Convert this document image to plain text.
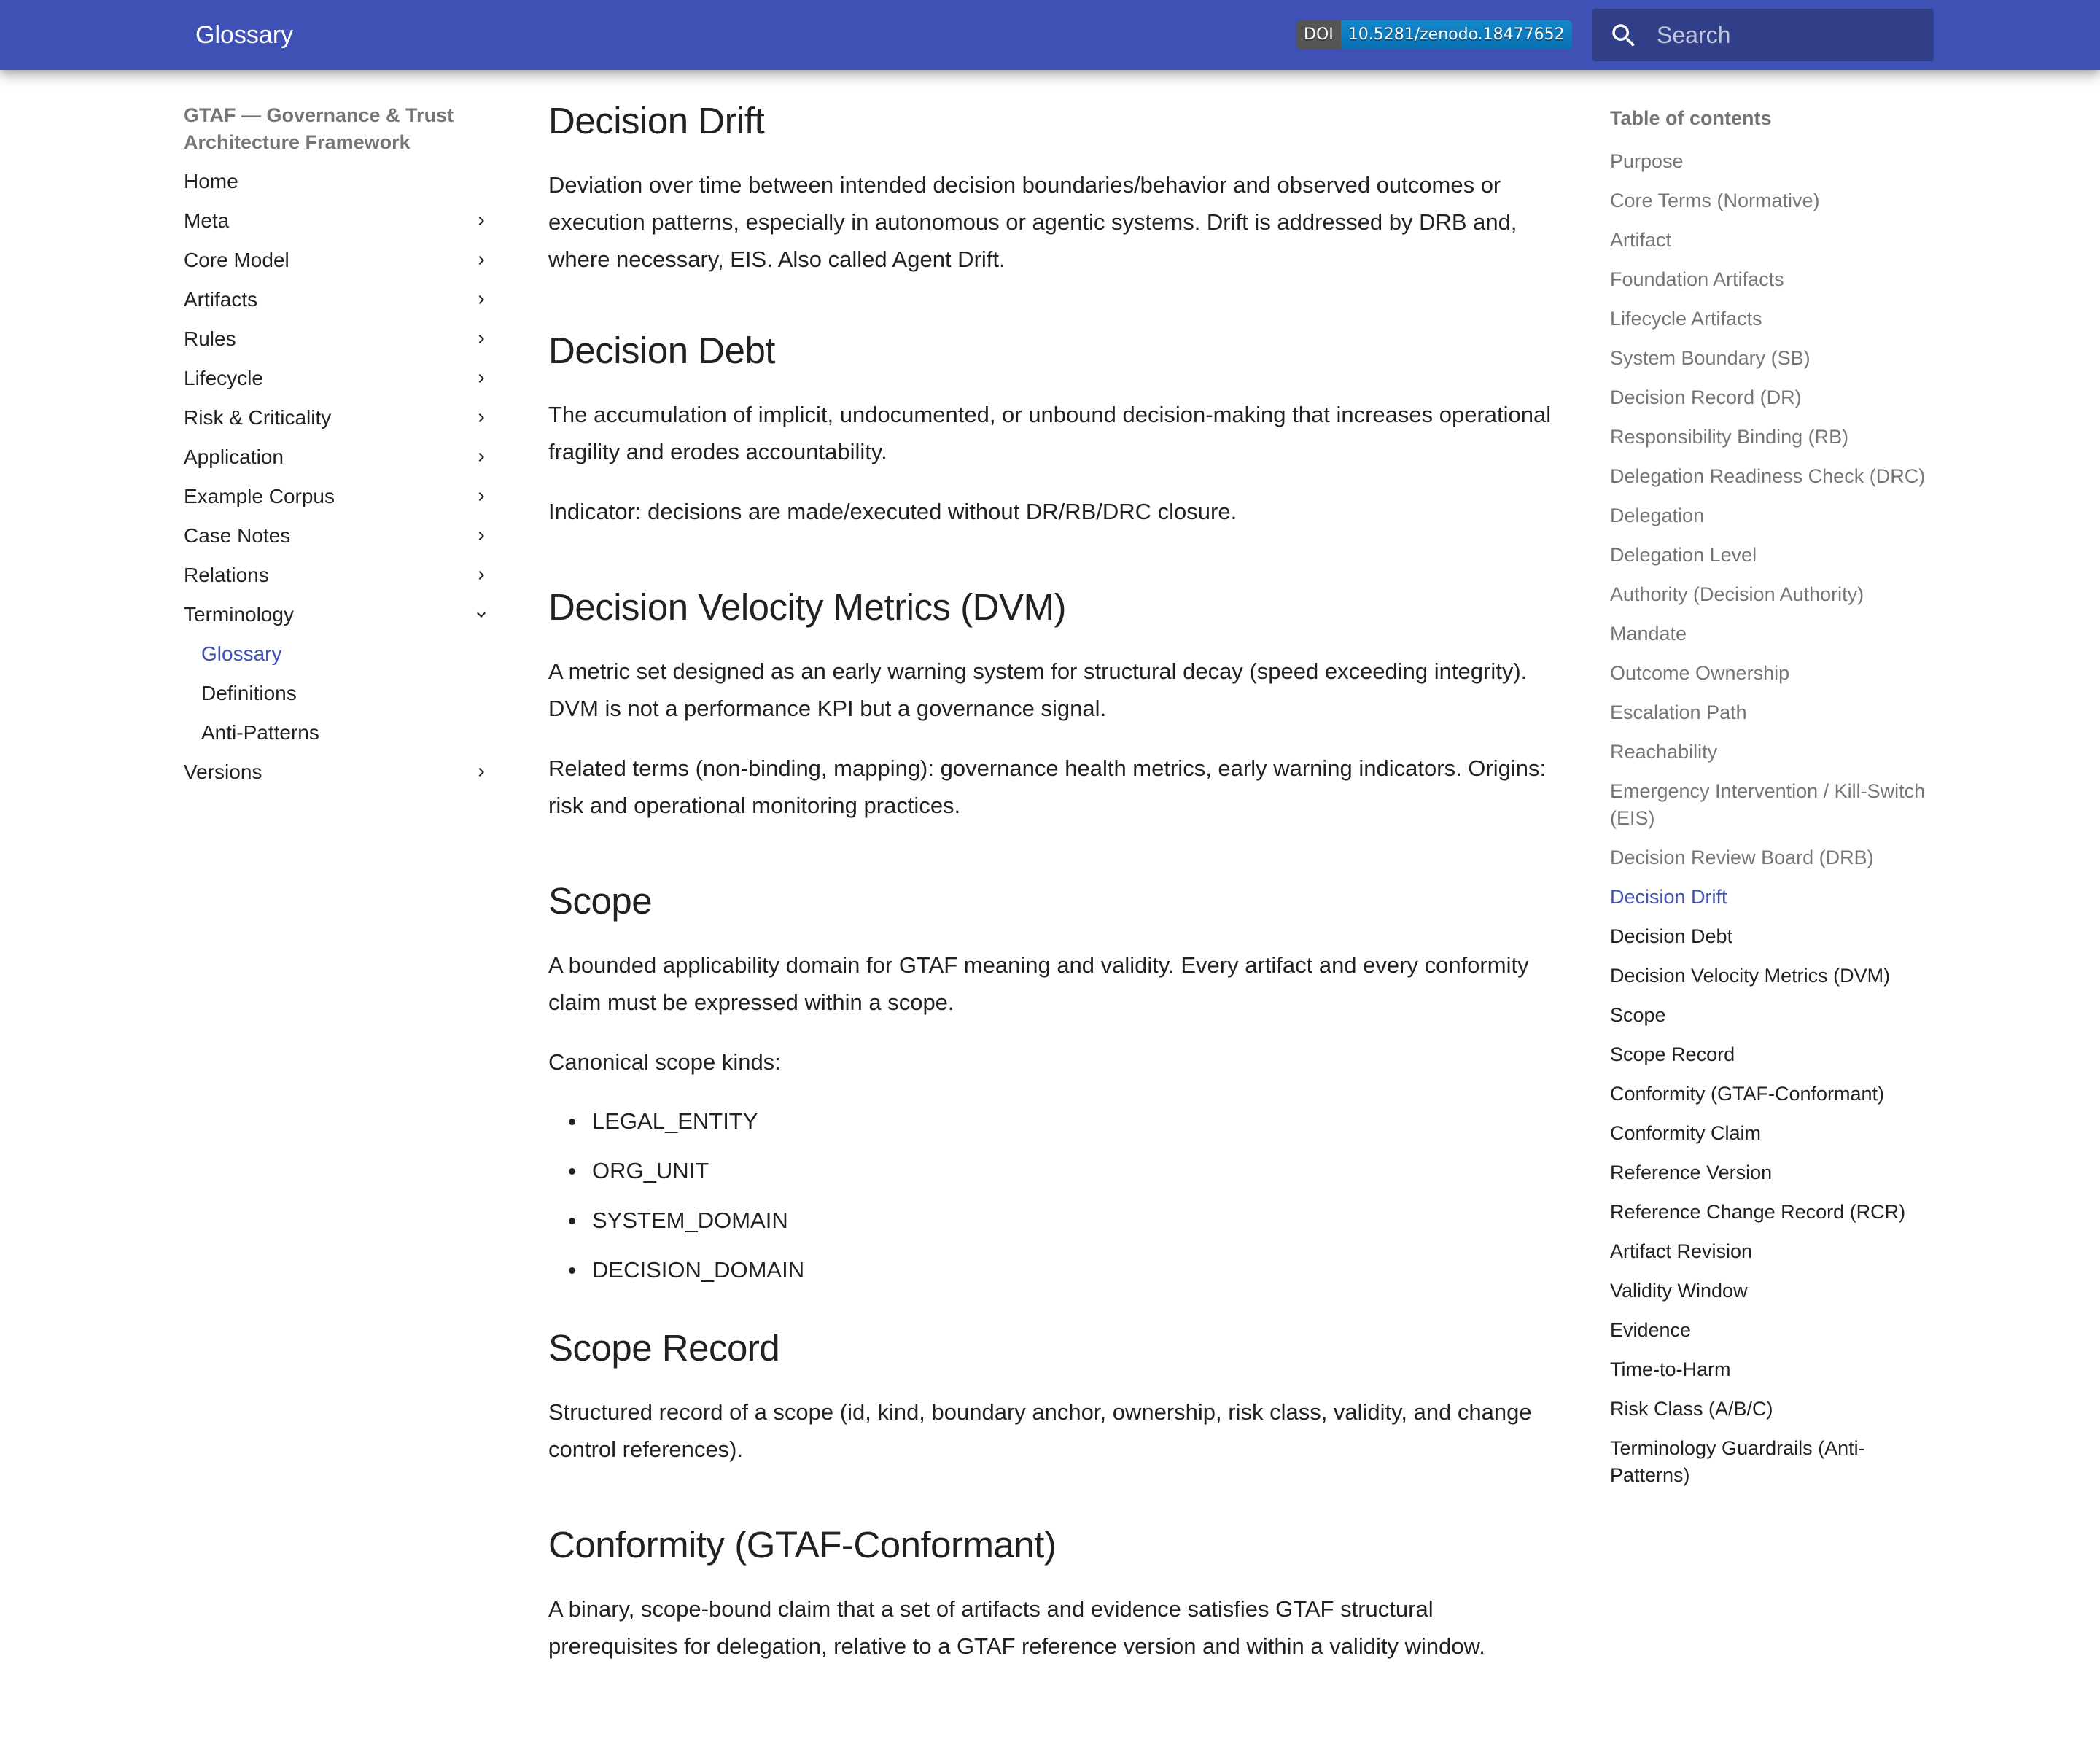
Glossary	DOI 10.5281/zenodo.18477652
Search
GTAF — Governance & Trust Architecture Framework
Home
Meta
Core Model
Artifacts
Rules
Lifecycle
Risk & Criticality
Application
Example Corpus
Case Notes
Relations
Terminology
Glossary
Definitions
Anti-Patterns
Versions
Decision Drift

Deviation over time between intended decision boundaries/behavior and observed outcomes or execution patterns, especially in autonomous or agentic systems. Drift is addressed by DRB and, where necessary, EIS. Also called Agent Drift.

Decision Debt

The accumulation of implicit, undocumented, or unbound decision-making that increases operational fragility and erodes accountability.

Indicator: decisions are made/executed without DR/RB/DRC closure.

Decision Velocity Metrics (DVM)

A metric set designed as an early warning system for structural decay (speed exceeding integrity). DVM is not a performance KPI but a governance signal.

Related terms (non-binding, mapping): governance health metrics, early warning indicators. Origins: risk and operational monitoring practices.

Scope

A bounded applicability domain for GTAF meaning and validity. Every artifact and every conformity claim must be expressed within a scope.

Canonical scope kinds:

LEGAL_ENTITY
ORG_UNIT
SYSTEM_DOMAIN
DECISION_DOMAIN
Scope Record

Structured record of a scope (id, kind, boundary anchor, ownership, risk class, validity, and change control references).

Conformity (GTAF-Conformant)

A binary, scope-bound claim that a set of artifacts and evidence satisfies GTAF structural prerequisites for delegation, relative to a GTAF reference version and within a validity window.

Table of contents
Purpose
Core Terms (Normative)
Artifact
Foundation Artifacts
Lifecycle Artifacts
System Boundary (SB)
Decision Record (DR)
Responsibility Binding (RB)
Delegation Readiness Check (DRC)
Delegation
Delegation Level
Authority (Decision Authority)
Mandate
Outcome Ownership
Escalation Path
Reachability
Emergency Intervention / Kill-Switch (EIS)
Decision Review Board (DRB)
Decision Drift
Decision Debt
Decision Velocity Metrics (DVM)
Scope
Scope Record
Conformity (GTAF-Conformant)
Conformity Claim
Reference Version
Reference Change Record (RCR)
Artifact Revision
Validity Window
Evidence
Time-to-Harm
Risk Class (A/B/C)
Terminology Guardrails (Anti-Patterns)
